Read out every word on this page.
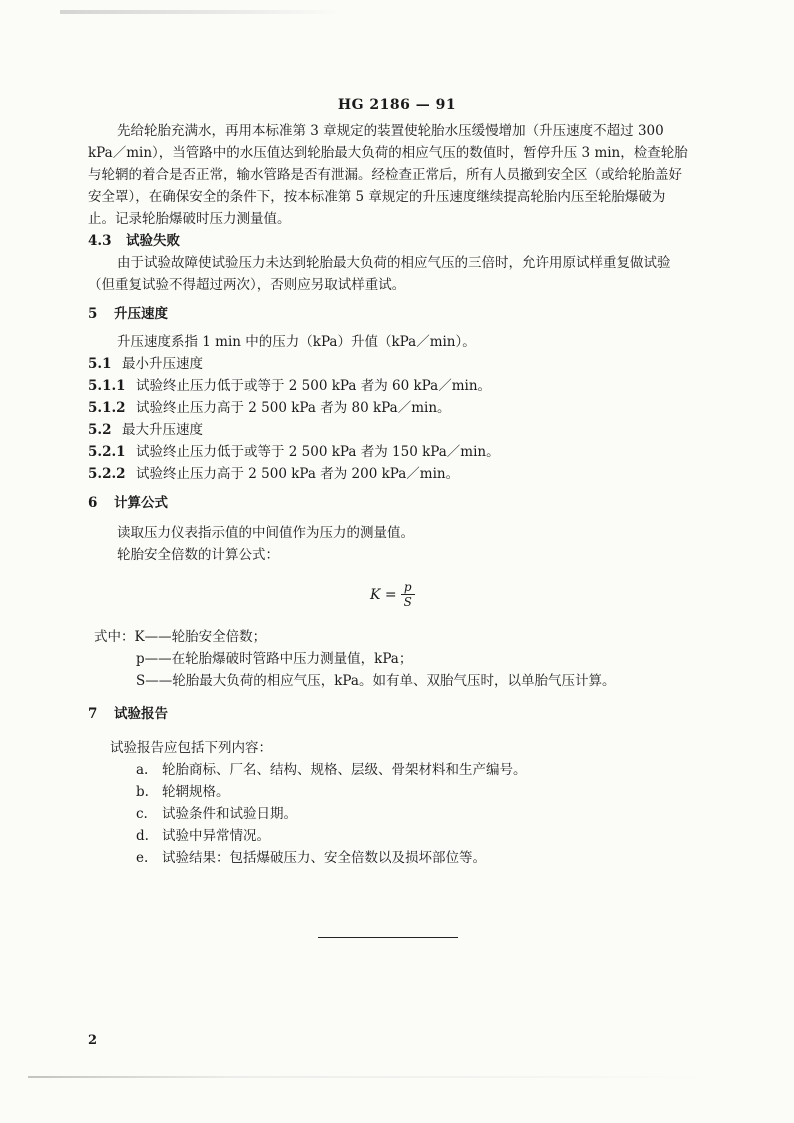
HG 2186 — 91

先给轮胎充满水，再用本标准第 3 章规定的装置使轮胎水压缓慢增加（升压速度不超过 300

kPa／min），当管路中的水压值达到轮胎最大负荷的相应气压的数值时，暂停升压 3 min，检查轮胎

与轮辋的着合是否正常，输水管路是否有泄漏。经检查正常后，所有人员撤到安全区（或给轮胎盖好

安全罩），在确保安全的条件下，按本标准第 5 章规定的升压速度继续提高轮胎内压至轮胎爆破为

止。记录轮胎爆破时压力测量值。

4.3 试验失败

由于试验故障使试验压力未达到轮胎最大负荷的相应气压的三倍时，允许用原试样重复做试验

（但重复试验不得超过两次），否则应另取试样重试。

5 升压速度

升压速度系指 1 min 中的压力（kPa）升值（kPa／min）。

5.1 最小升压速度

5.1.1 试验终止压力低于或等于 2 500 kPa 者为 60 kPa／min。

5.1.2 试验终止压力高于 2 500 kPa 者为 80 kPa／min。

5.2 最大升压速度

5.2.1 试验终止压力低于或等于 2 500 kPa 者为 150 kPa／min。

5.2.2 试验终止压力高于 2 500 kPa 者为 200 kPa／min。

6 计算公式

读取压力仪表指示值的中间值作为压力的测量值。

轮胎安全倍数的计算公式：

$K = \frac{p}{S}$

式中：K——轮胎安全倍数；

p——在轮胎爆破时管路中压力测量值，kPa；

S——轮胎最大负荷的相应气压，kPa。如有单、双胎气压时，以单胎气压计算。

7 试验报告

试验报告应包括下列内容：

a. 轮胎商标、厂名、结构、规格、层级、骨架材料和生产编号。

b. 轮辋规格。

c. 试验条件和试验日期。

d. 试验中异常情况。

e. 试验结果：包括爆破压力、安全倍数以及损坏部位等。

2
